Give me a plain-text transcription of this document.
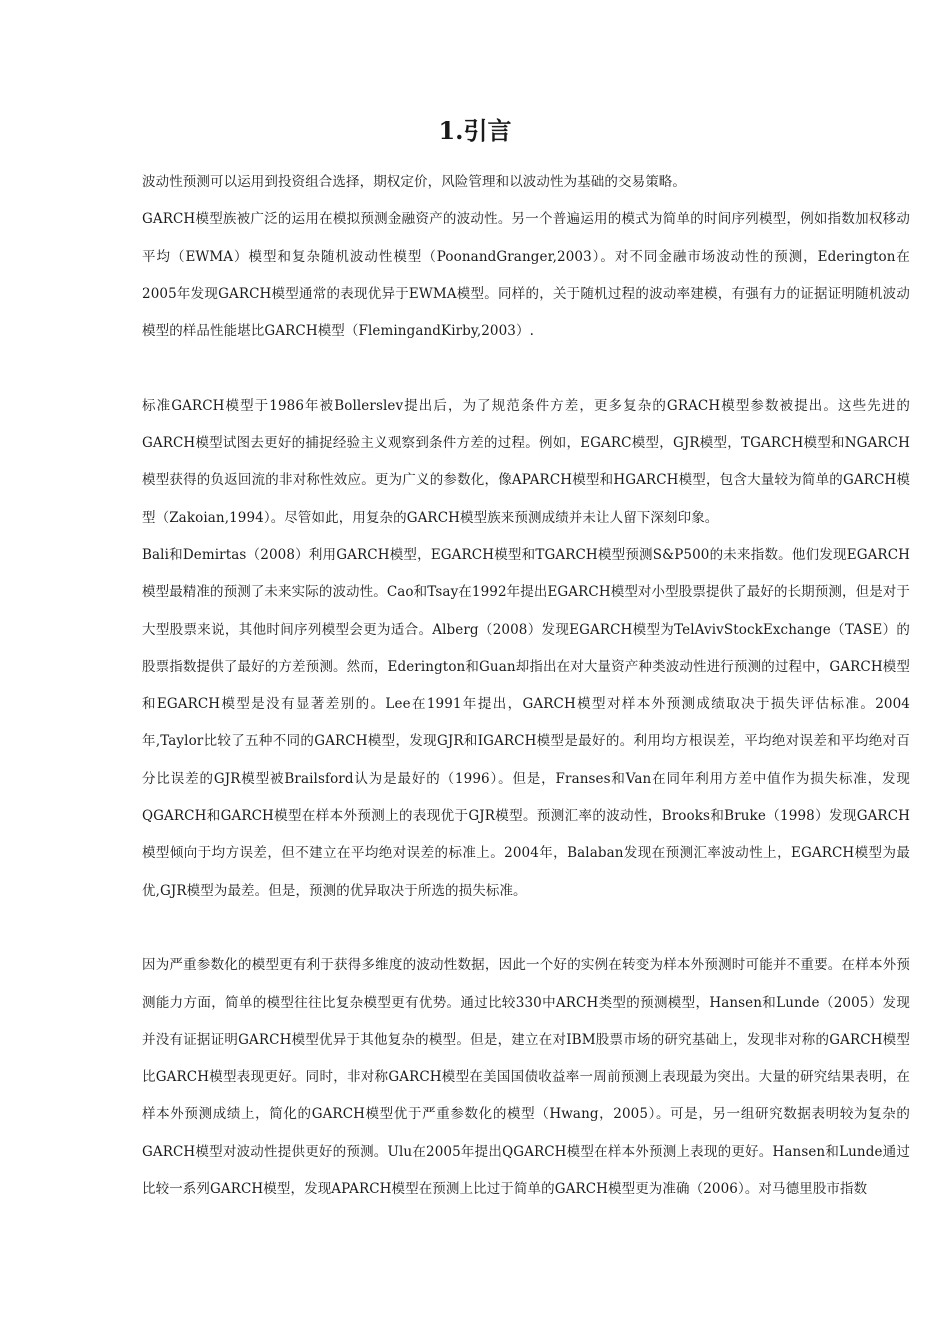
1.引言

波动性预测可以运用到投资组合选择，期权定价，风险管理和以波动性为基础的交易策略。

GARCH模型族被广泛的运用在模拟预测金融资产的波动性。另一个普遍运用的模式为简单的时间序列模型，例如指数加权移动平均（EWMA）模型和复杂随机波动性模型（PoonandGranger,2003）。对不同金融市场波动性的预测，Ederington在2005年发现GARCH模型通常的表现优异于EWMA模型。同样的，关于随机过程的波动率建模，有强有力的证据证明随机波动模型的样品性能堪比GARCH模型（FlemingandKirby,2003）.

标准GARCH模型于1986年被Bollerslev提出后，为了规范条件方差，更多复杂的GRACH模型参数被提出。这些先进的GARCH模型试图去更好的捕捉经验主义观察到条件方差的过程。例如，EGARC模型，GJR模型，TGARCH模型和NGARCH模型获得的负返回流的非对称性效应。更为广义的参数化，像APARCH模型和HGARCH模型，包含大量较为简单的GARCH模型（Zakoian,1994）。尽管如此，用复杂的GARCH模型族来预测成绩并未让人留下深刻印象。

Bali和Demirtas（2008）利用GARCH模型，EGARCH模型和TGARCH模型预测S&P500的未来指数。他们发现EGARCH模型最精准的预测了未来实际的波动性。Cao和Tsay在1992年提出EGARCH模型对小型股票提供了最好的长期预测，但是对于大型股票来说，其他时间序列模型会更为适合。Alberg（2008）发现EGARCH模型为TelAvivStockExchange（TASE）的股票指数提供了最好的方差预测。然而，Ederington和Guan却指出在对大量资产种类波动性进行预测的过程中，GARCH模型和EGARCH模型是没有显著差别的。Lee在1991年提出，GARCH模型对样本外预测成绩取决于损失评估标准。2004年,Taylor比较了五种不同的GARCH模型，发现GJR和IGARCH模型是最好的。利用均方根误差，平均绝对误差和平均绝对百分比误差的GJR模型被Brailsford认为是最好的（1996）。但是，Franses和Van在同年利用方差中值作为损失标准，发现QGARCH和GARCH模型在样本外预测上的表现优于GJR模型。预测汇率的波动性，Brooks和Bruke（1998）发现GARCH模型倾向于均方误差，但不建立在平均绝对误差的标准上。2004年，Balaban发现在预测汇率波动性上，EGARCH模型为最优,GJR模型为最差。但是，预测的优异取决于所选的损失标准。

因为严重参数化的模型更有利于获得多维度的波动性数据，因此一个好的实例在转变为样本外预测时可能并不重要。在样本外预测能力方面，简单的模型往往比复杂模型更有优势。通过比较330中ARCH类型的预测模型，Hansen和Lunde（2005）发现并没有证据证明GARCH模型优异于其他复杂的模型。但是，建立在对IBM股票市场的研究基础上，发现非对称的GARCH模型比GARCH模型表现更好。同时，非对称GARCH模型在美国国债收益率一周前预测上表现最为突出。大量的研究结果表明，在样本外预测成绩上，简化的GARCH模型优于严重参数化的模型（Hwang，2005）。可是，另一组研究数据表明较为复杂的GARCH模型对波动性提供更好的预测。Ulu在2005年提出QGARCH模型在样本外预测上表现的更好。Hansen和Lunde通过比较一系列GARCH模型，发现APARCH模型在预测上比过于简单的GARCH模型更为准确（2006）。对马德里股市指数
